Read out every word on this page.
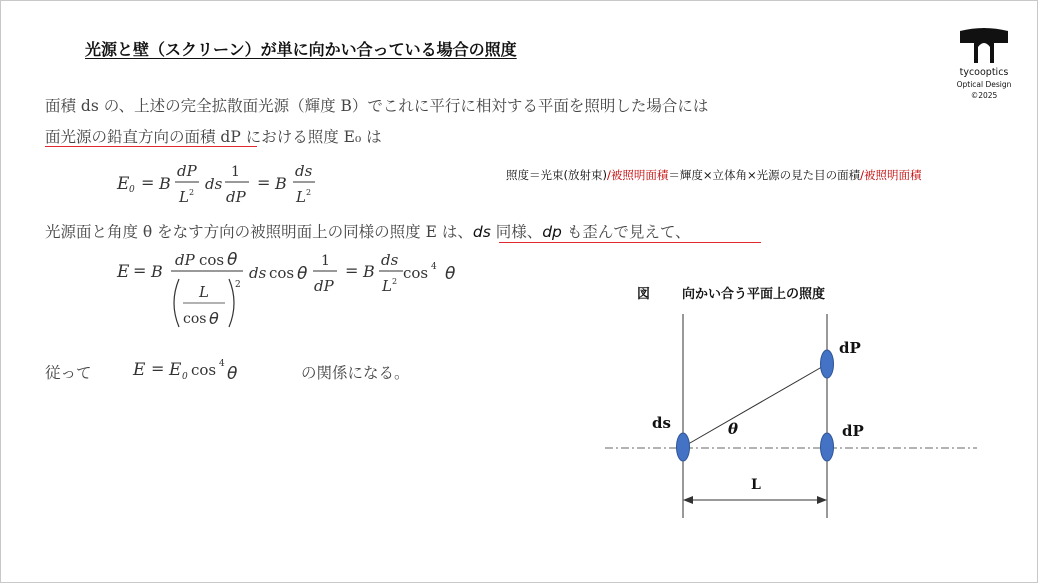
光源と壁（スクリーン）が単に向かい合っている場合の照度
tycooptics
Optical Design
©2025
面積 ds の、上述の完全拡散面光源（輝度 B）でこれに平行に相対する平面を照明した場合には
面光源の鉛直方向の面積 dP における照度 E₀ は
E 0 = B
dP
L 2 ds
1
dP
= B
ds
L 2
照度＝光束(放射束)/被照明面積＝輝度×立体角×光源の見た目の面積/被照明面積
光源面と角度 θ をなす方向の被照明面上の同様の照度 E は、ds 同様、dp も歪んで見えて、
E = B
dP cos θ
L
cos θ
2
ds cos θ
1
dP
= B
ds
L 2 cos 4 θ
従って E = E 0 cos 4 θ	の関係になる。
図 向かい合う平面上の照度
ds
dP
dP
θ
L
